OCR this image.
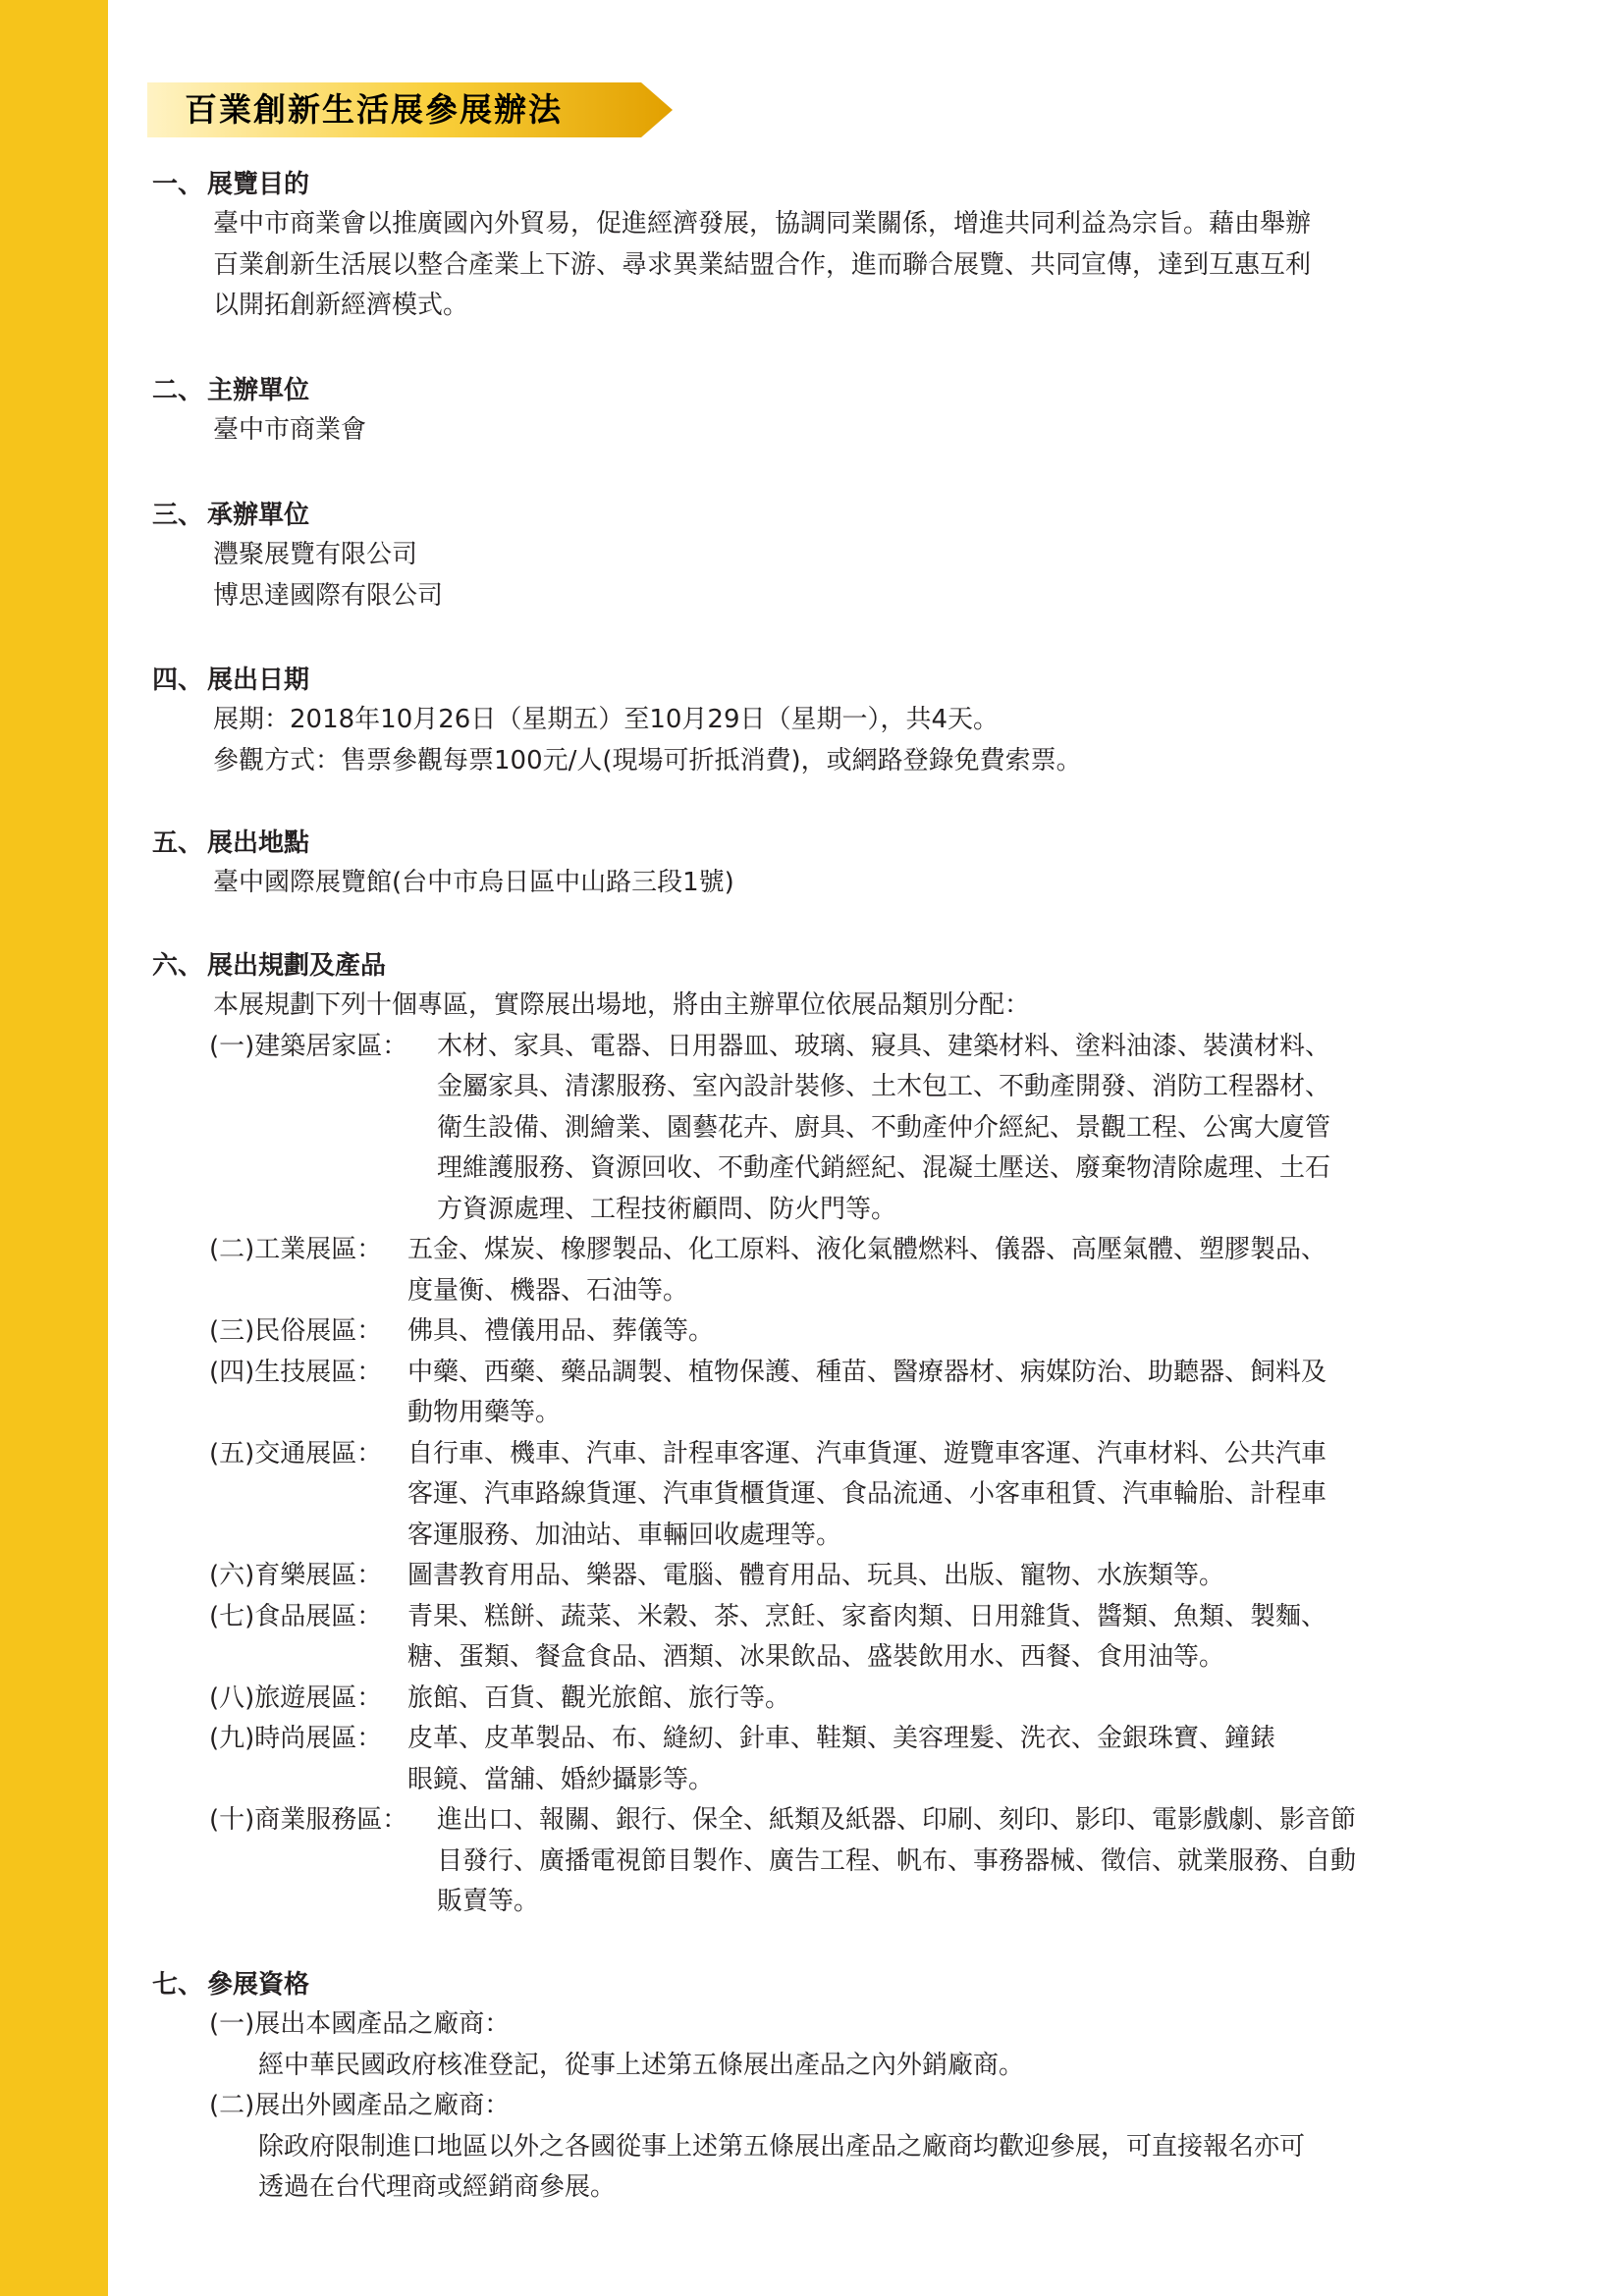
百業創新生活展參展辦法
一、 展覽目的
臺中市商業會以推廣國內外貿易，促進經濟發展，協調同業關係，增進共同利益為宗旨。藉由舉辦
百業創新生活展以整合產業上下游、尋求異業結盟合作，進而聯合展覽、共同宣傳，達到互惠互利
以開拓創新經濟模式。
二、 主辦單位
臺中市商業會
三、 承辦單位
灃聚展覽有限公司
博思達國際有限公司
四、 展出日期
展期：2018年10月26日（星期五）至10月29日（星期一），共4天。
參觀方式：售票參觀每票100元/人(現場可折抵消費)，或網路登錄免費索票。
五、 展出地點
臺中國際展覽館(台中市烏日區中山路三段1號)
六、 展出規劃及產品
本展規劃下列十個專區，實際展出場地，將由主辦單位依展品類別分配：
(一)建築居家區： 木材、家具、電器、日用器皿、玻璃、寢具、建築材料、塗料油漆、裝潢材料、
金屬家具、清潔服務、室內設計裝修、土木包工、不動產開發、消防工程器材、
衛生設備、測繪業、園藝花卉、廚具、不動產仲介經紀、景觀工程、公寓大廈管
理維護服務、資源回收、不動產代銷經紀、混凝土壓送、廢棄物清除處理、土石
方資源處理、工程技術顧問、防火門等。
(二)工業展區： 五金、煤炭、橡膠製品、化工原料、液化氣體燃料、儀器、高壓氣體、塑膠製品、
度量衡、機器、石油等。
(三)民俗展區： 佛具、禮儀用品、葬儀等。
(四)生技展區： 中藥、西藥、藥品調製、植物保護、種苗、醫療器材、病媒防治、助聽器、飼料及
動物用藥等。
(五)交通展區： 自行車、機車、汽車、計程車客運、汽車貨運、遊覽車客運、汽車材料、公共汽車
客運、汽車路線貨運、汽車貨櫃貨運、食品流通、小客車租賃、汽車輪胎、計程車
客運服務、加油站、車輛回收處理等。
(六)育樂展區： 圖書教育用品、樂器、電腦、體育用品、玩具、出版、寵物、水族類等。
(七)食品展區： 青果、糕餅、蔬菜、米穀、茶、烹飪、家畜肉類、日用雜貨、醬類、魚類、製麵、
糖、蛋類、餐盒食品、酒類、冰果飲品、盛裝飲用水、西餐、食用油等。
(八)旅遊展區： 旅館、百貨、觀光旅館、旅行等。
(九)時尚展區： 皮革、皮革製品、布、縫紉、針車、鞋類、美容理髮、洗衣、金銀珠寶、鐘錶
眼鏡、當舖、婚紗攝影等。
(十)商業服務區： 進出口、報關、銀行、保全、紙類及紙器、印刷、刻印、影印、電影戲劇、影音節
目發行、廣播電視節目製作、廣告工程、帆布、事務器械、徵信、就業服務、自動
販賣等。
七、 參展資格
(一)展出本國產品之廠商：
經中華民國政府核准登記，從事上述第五條展出產品之內外銷廠商。
(二)展出外國產品之廠商：
除政府限制進口地區以外之各國從事上述第五條展出產品之廠商均歡迎參展，可直接報名亦可
透過在台代理商或經銷商參展。
